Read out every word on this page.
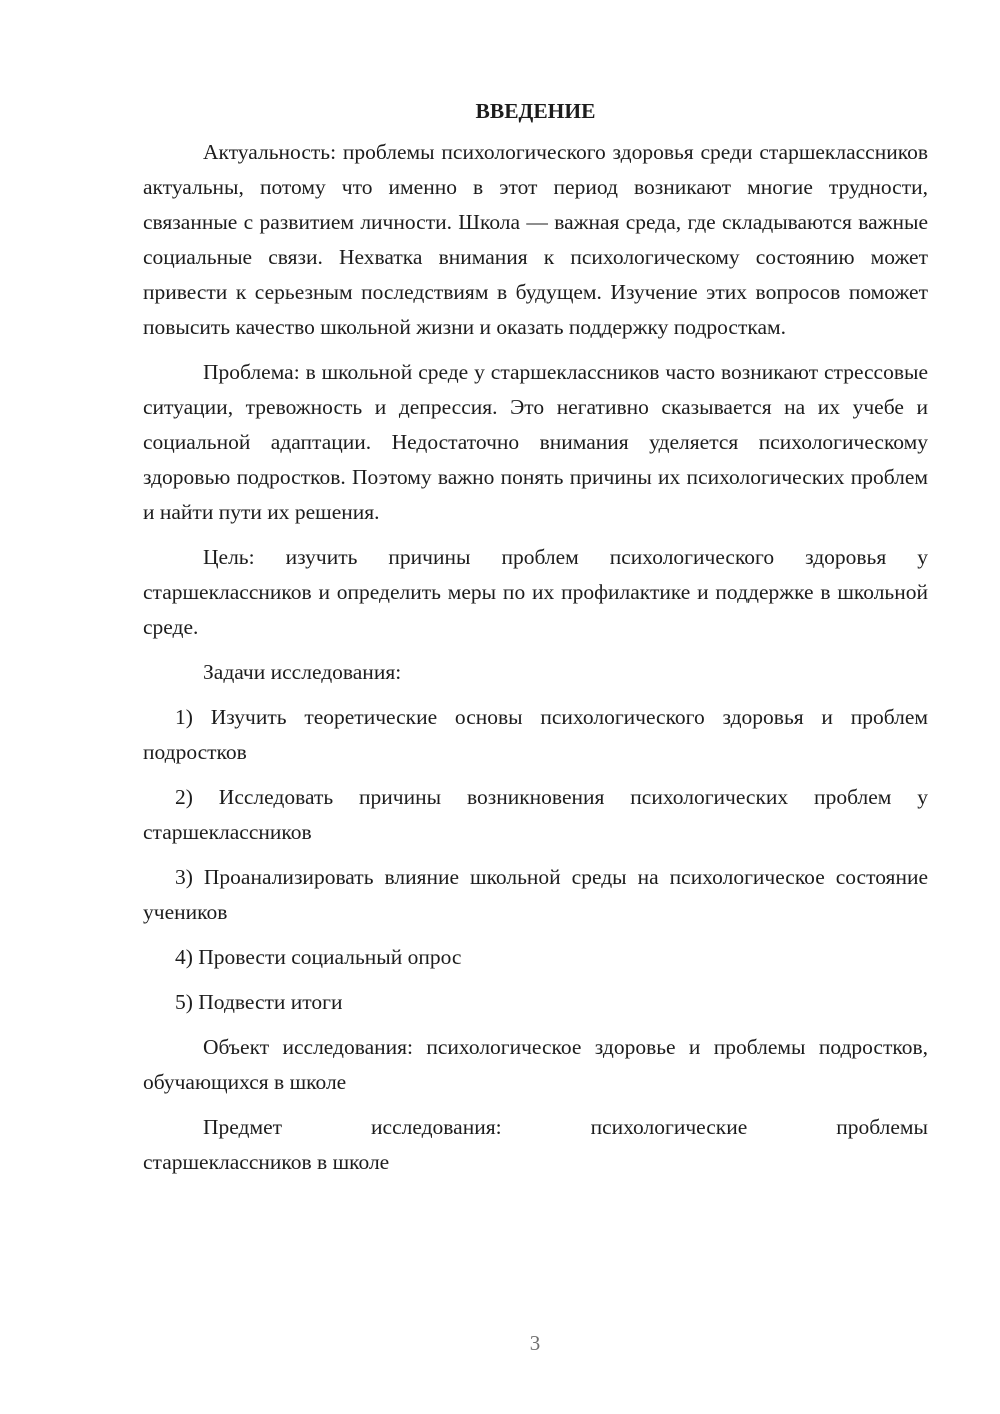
ВВЕДЕНИЕ

Актуальность: проблемы психологического здоровья среди старшеклассников актуальны, потому что именно в этот период возникают многие трудности, связанные с развитием личности. Школа — важная среда, где складываются важные социальные связи. Нехватка внимания к психологическому состоянию может привести к серьезным последствиям в будущем. Изучение этих вопросов поможет повысить качество школьной жизни и оказать поддержку подросткам.

Проблема: в школьной среде у старшеклассников часто возникают стрессовые ситуации, тревожность и депрессия. Это негативно сказывается на их учебе и социальной адаптации. Недостаточно внимания уделяется психологическому здоровью подростков. Поэтому важно понять причины их психологических проблем и найти пути их решения.

Цель: изучить причины проблем психологического здоровья у старшеклассников и определить меры по их профилактике и поддержке в школьной среде.

Задачи исследования:

1) Изучить теоретические основы психологического здоровья и проблем подростков

2) Исследовать причины возникновения психологических проблем у старшеклассников

3) Проанализировать влияние школьной среды на психологическое состояние учеников

4) Провести социальный опрос

5) Подвести итоги

Объект исследования: психологическое здоровье и проблемы подростков, обучающихся в школе

Предмет исследования: психологические проблемы
старшеклассников в школе

3
